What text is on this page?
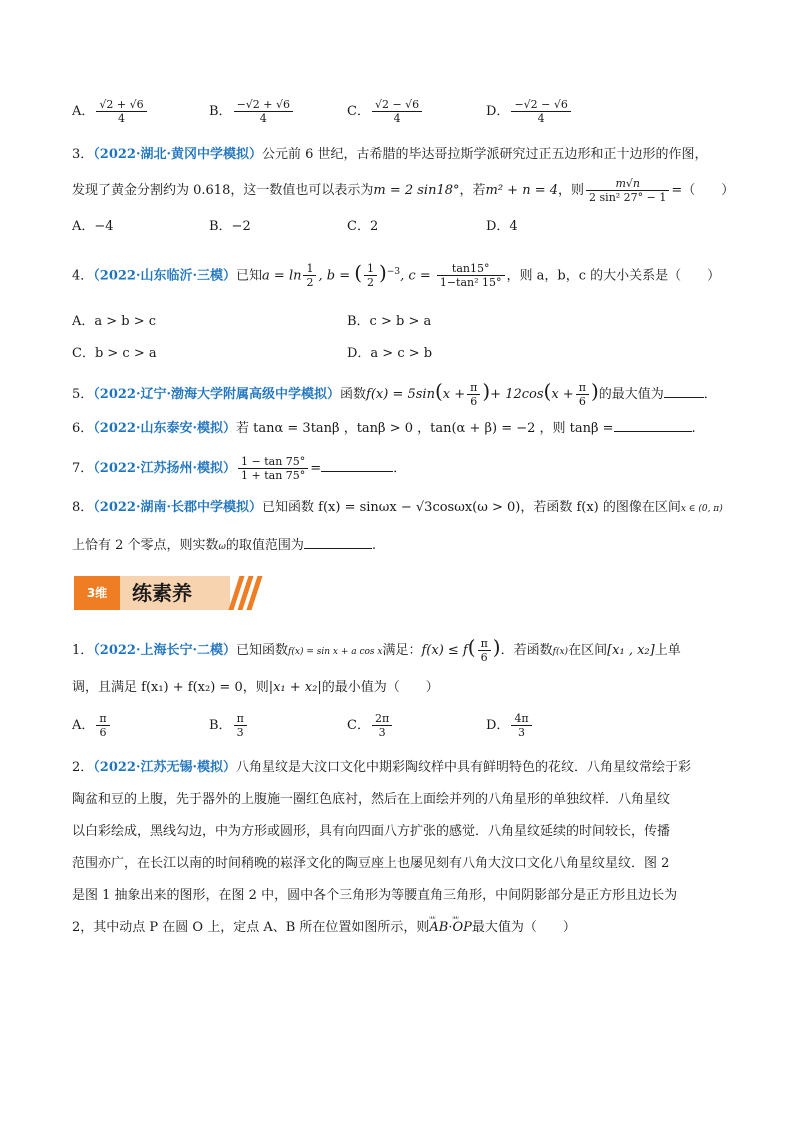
A． $\frac{√2 + √6}{4}$	B． $\frac{-√2 + √6}{4}$	C． $\frac{√2 - √6}{4}$	D． $\frac{-√2 - √6}{4}$
3．（2022·湖北·黄冈中学模拟）公元前 6 世纪，古希腊的毕达哥拉斯学派研究过正五边形和正十边形的作图，
发现了黄金分割约为 0.618，这一数值也可以表示为m = 2 sin18°，若m² + n = 4，则 $\frac{m√n}{\text{2 sin² 27° − 1}}$ =（　　）
A．−4	B．−2	C．2	D．4
4．（2022·山东临沂·三模）已知$a = \ln \frac{1}{2}$ , b = ( $\frac{1}{2} )^{-3}$, $c = \frac{\tan 15^\circ}{\text{1−tan² 15°}}$ ，则 a，b，c 的大小关系是（　　）
A．a > b > c	B．c > b > a
C．b > c > a	D．a > c > b
5．（2022·辽宁·渤海大学附属高级中学模拟）函数$f(x) = 5\sin(x + \frac{\pi}{6}$ )+ $12\cos(x + \frac{\pi}{6}$ )的最大值为	．
6．（2022·山东泰安·模拟）若 tanα = 3tanβ ，tanβ > 0 ，tan(α + β) = −2 ，则 tanβ =	.
7．（2022·江苏扬州·模拟） $\frac{1 - \tan 75^\circ}{1 + \tan 75^\circ}$ =	．
8．（2022·湖南·长郡中学模拟）已知函数 f(x) = sinωx − √3cosωx(ω > 0)，若函数 f(x) 的图像在区间x ∈ (0, π)
上恰有 2 个零点，则实数ω的取值范围为	.
3维	练素养
1．（2022·上海长宁·二模）已知函数f(x) = sin x + a cos x满足：$f(x) \le f( \frac{\pi}{6}$ )．若函数f(x)在区间[x₁ , x₂]上单
调，且满足 f(x₁) + f(x₂) = 0，则|x₁ + x₂|的最小值为（　　）
A． $\frac{\pi}{6}$	B． $\frac{\pi}{3}$	C． $\frac{2\pi}{3}$	D． $\frac{4\pi}{3}$
2．（2022·江苏无锡·模拟）八角星纹是大汶口文化中期彩陶纹样中具有鲜明特色的花纹．八角星纹常绘于彩
陶盆和豆的上腹，先于器外的上腹施一圈红色底衬，然后在上面绘并列的八角星形的单独纹样．八角星纹
以白彩绘成，黑线勾边，中为方形或圆形，具有向四面八方扩张的感觉．八角星纹延续的时间较长，传播
范围亦广，在长江以南的时间稍晚的崧泽文化的陶豆座上也屡见刻有八角大汶口文化八角星纹星纹．图 2
是图 1 抽象出来的图形，在图 2 中，圆中各个三角形为等腰直角三角形，中间阴影部分是正方形且边长为
2，其中动点 P 在圆 O 上，定点 A、B 所在位置如图所示，则ᵘᵘᵘ AB·ᵘᵘᵘ OP最大值为（　　）
